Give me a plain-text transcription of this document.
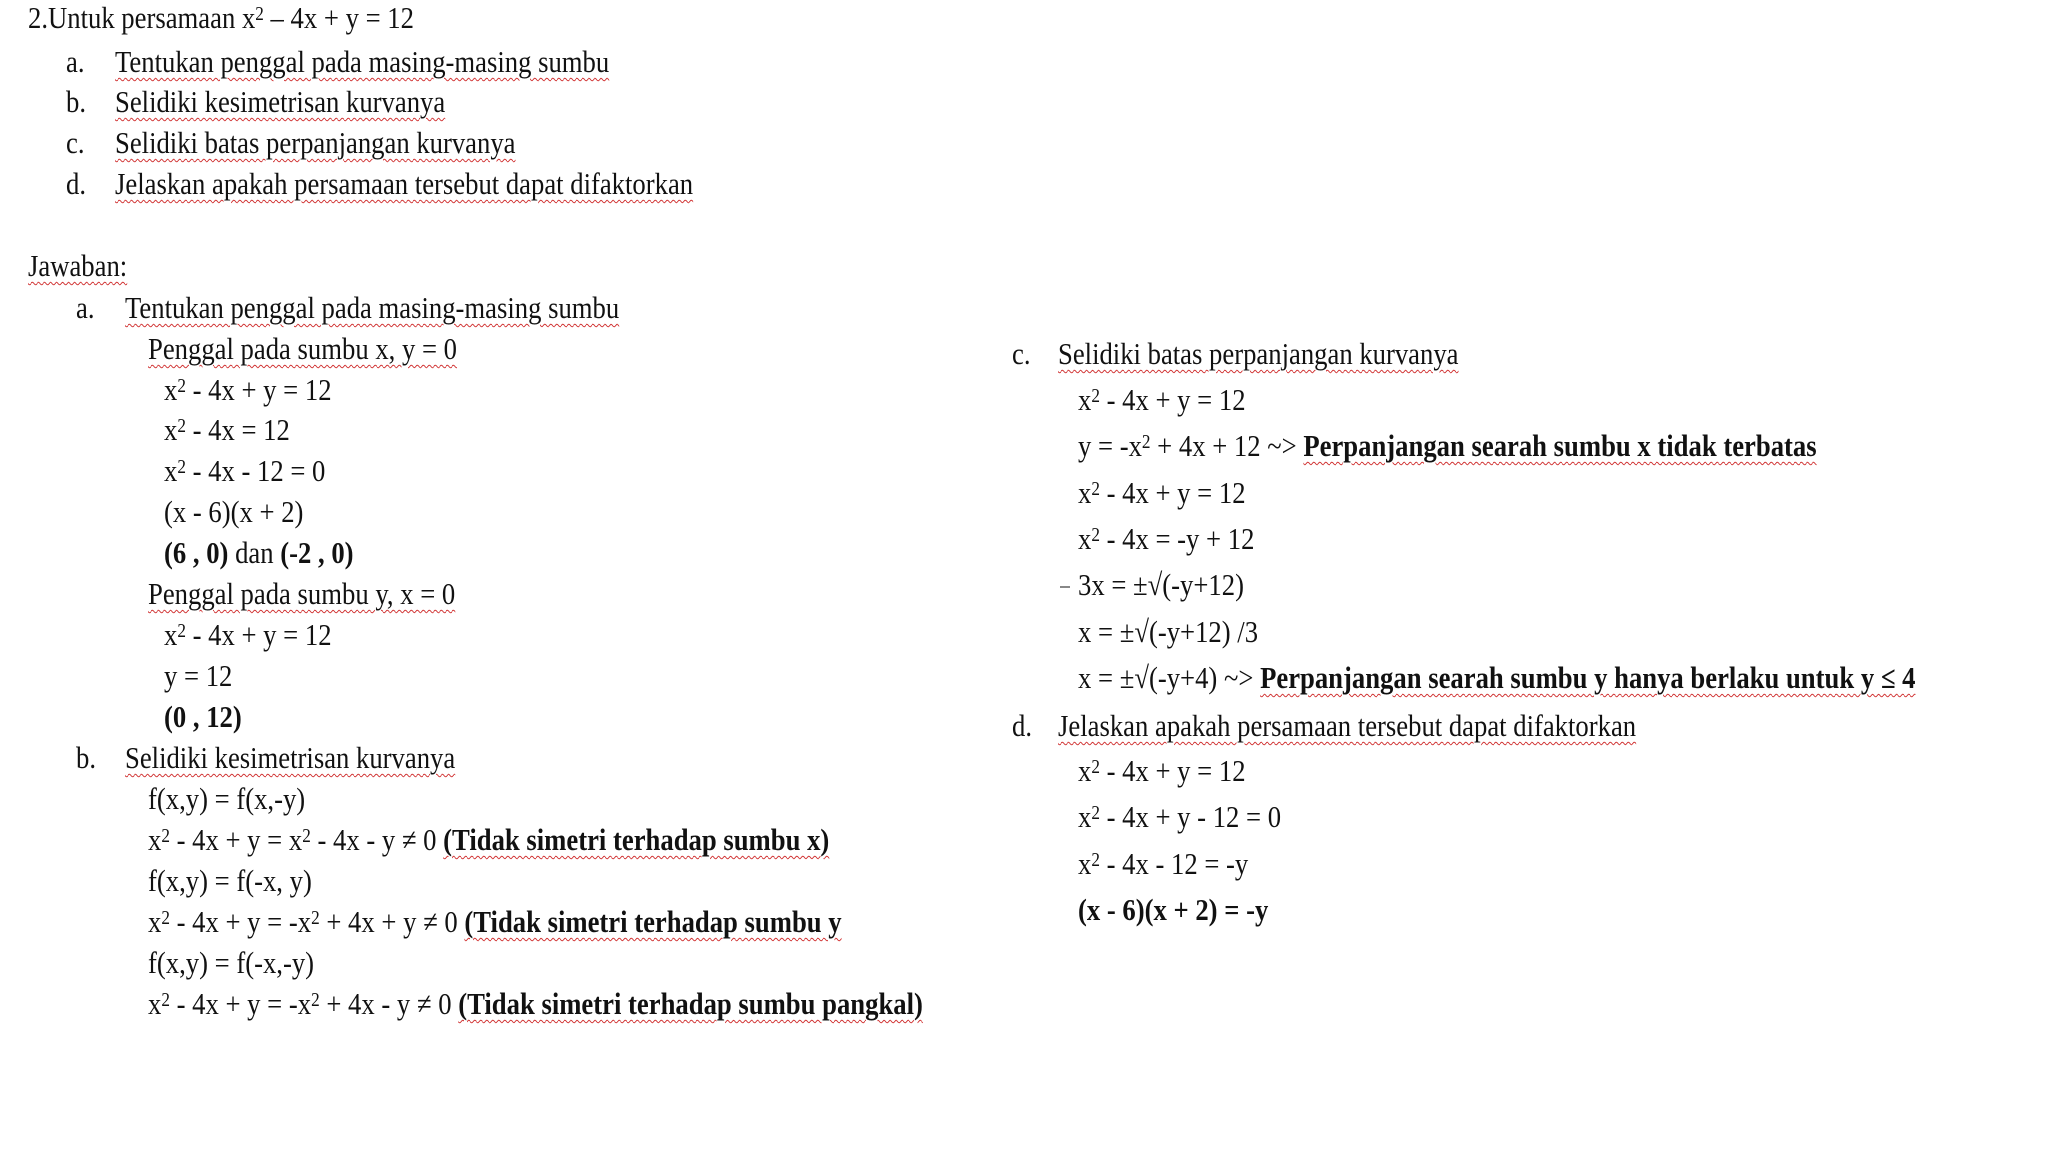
2.Untuk persamaan $x^2 - 4x + y = 12$
a. Tentukan penggal pada masing-masing sumbu
b. Selidiki kesimetrisan kurvanya
c. Selidiki batas perpanjangan kurvanya
d. Jelaskan apakah persamaan tersebut dapat difaktorkan
Jawaban:
a. Tentukan penggal pada masing-masing sumbu
Penggal pada sumbu x, y = 0
$x^2 - 4x + y = 12$
$x^2 - 4x = 12$
$x^2 - 4x - 12 = 0$
(x - 6)(x + 2)
(6 , 0) dan (-2 , 0)
Penggal pada sumbu y, x = 0
$x^2 - 4x + y = 12$
y = 12
(0 , 12)
b. Selidiki kesimetrisan kurvanya
f(x,y) = f(x,-y)
$x^2 - 4x + y = x^2 - 4x - y \ne 0$ (Tidak simetri terhadap sumbu x)
f(x,y) = f(-x, y)
$x^2 - 4x + y = -x^2 + 4x + y \ne 0$ (Tidak simetri terhadap sumbu y
f(x,y) = f(-x,-y)
$x^2 - 4x + y = -x^2 + 4x - y \ne 0$ (Tidak simetri terhadap sumbu pangkal)
c. Selidiki batas perpanjangan kurvanya
$x^2 - 4x + y = 12$
$y = -x^2 + 4x + 12$ ~> Perpanjangan searah sumbu x tidak terbatas
$x^2 - 4x + y = 12$
$x^2 - 4x = -y + 12$
3x = ±√(-y+12)
x = ±√(-y+12) /3
x = ±√(-y+4) ~> Perpanjangan searah sumbu y hanya berlaku untuk y ≤ 4
d. Jelaskan apakah persamaan tersebut dapat difaktorkan
$x^2 - 4x + y = 12$
$x^2 - 4x + y - 12 = 0$
$x^2 - 4x - 12 = -y$
(x - 6)(x + 2) = -y
